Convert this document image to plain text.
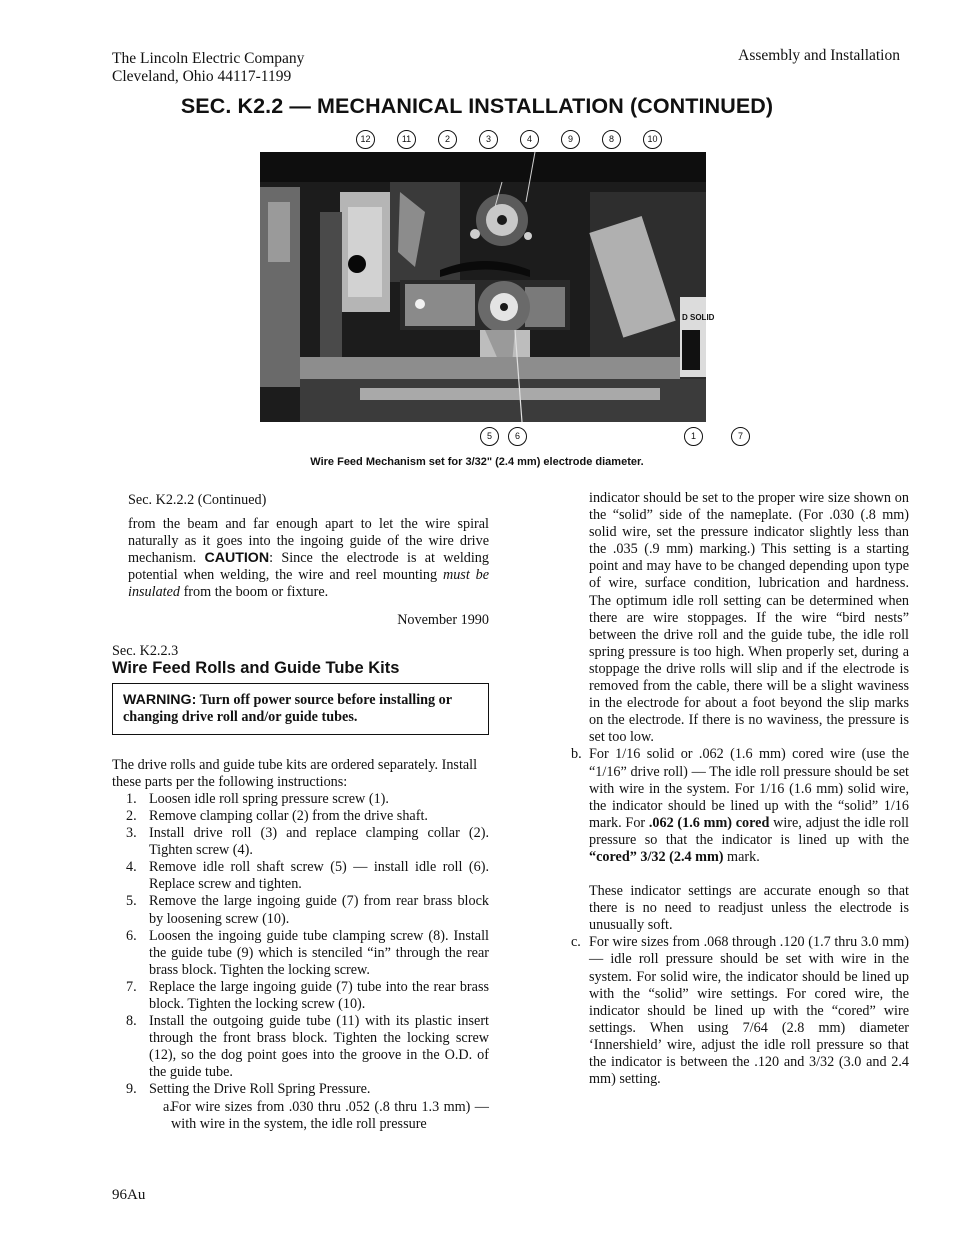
The Lincoln Electric Company
Cleveland, Ohio 44117-1199
Assembly and Installation
SEC. K2.2 — MECHANICAL INSTALLATION (CONTINUED)
12	11	2	3	4	9	8	10
D SOLID
5	6	1	7
Wire Feed Mechanism set for 3/32" (2.4 mm) electrode diameter.

Sec. K2.2.2 (Continued)

from the beam and far enough apart to let the wire spiral naturally as it goes into the ingoing guide of the wire drive mechanism. CAUTION: Since the electrode is at welding potential when welding, the wire and reel mounting must be insulated from the boom or fixture.

November 1990

Sec. K2.2.3

Wire Feed Rolls and Guide Tube Kits

WARNING: Turn off power source before installing or changing drive roll and/or guide tubes.

The drive rolls and guide tube kits are ordered separately. Install these parts per the following instructions:

1. Loosen idle roll spring pressure screw (1).
2. Remove clamping collar (2) from the drive shaft.
3. Install drive roll (3) and replace clamping collar (2). Tighten screw (4).
4. Remove idle roll shaft screw (5) — install idle roll (6). Replace screw and tighten.
5. Remove the large ingoing guide (7) from rear brass block by loosening screw (10).
6. Loosen the ingoing guide tube clamping screw (8). Install the guide tube (9) which is stenciled “in” through the rear brass block. Tighten the locking screw.
7. Replace the large ingoing guide (7) tube into the rear brass block. Tighten the locking screw (10).
8. Install the outgoing guide tube (11) with its plastic insert through the front brass block. Tighten the locking screw (12), so the dog point goes into the groove in the O.D. of the guide tube.
9. Setting the Drive Roll Spring Pressure.
a.
For wire sizes from .030 thru .052 (.8 thru 1.3 mm) — with wire in the system, the idle roll pressure

indicator should be set to the proper wire size shown on the “solid” side of the nameplate. (For .030 (.8 mm) solid wire, set the pressure indicator slightly less than the .035 (.9 mm) marking.) This setting is a starting point and may have to be changed depending upon type of wire, surface condition, lubrication and hardness. The optimum idle roll setting can be determined when there are wire stoppages. If the wire “bird nests” between the drive roll and the guide tube, the idle roll spring pressure is too high. When properly set, during a stoppage the drive rolls will slip and if the electrode is removed from the cable, there will be a slight waviness in the electrode for about a foot beyond the slip marks on the electrode. If there is no waviness, the pressure is set too low.

b. For 1/16 solid or .062 (1.6 mm) cored wire (use the “1/16” drive roll) — The idle roll pressure should be set with wire in the system. For 1/16 (1.6 mm) solid wire, the indicator should be lined up with the “solid” 1/16 mark. For .062 (1.6 mm) cored wire, adjust the idle roll pressure so that the indicator is lined up with the “cored” 3/32 (2.4 mm) mark.

These indicator settings are accurate enough so that there is no need to readjust unless the electrode is unusually soft.

c. For wire sizes from .068 through .120 (1.7 thru 3.0 mm) — idle roll pressure should be set with wire in the system. For solid wire, the indicator should be lined up with the “solid” wire settings. For cored wire, the indicator should be lined up with the “cored” wire settings. When using 7/64 (2.8 mm) diameter ‘Innershield’ wire, adjust the idle roll pressure so that the indicator is between the .120 and 3/32 (3.0 and 2.4 mm) setting.
96Au
